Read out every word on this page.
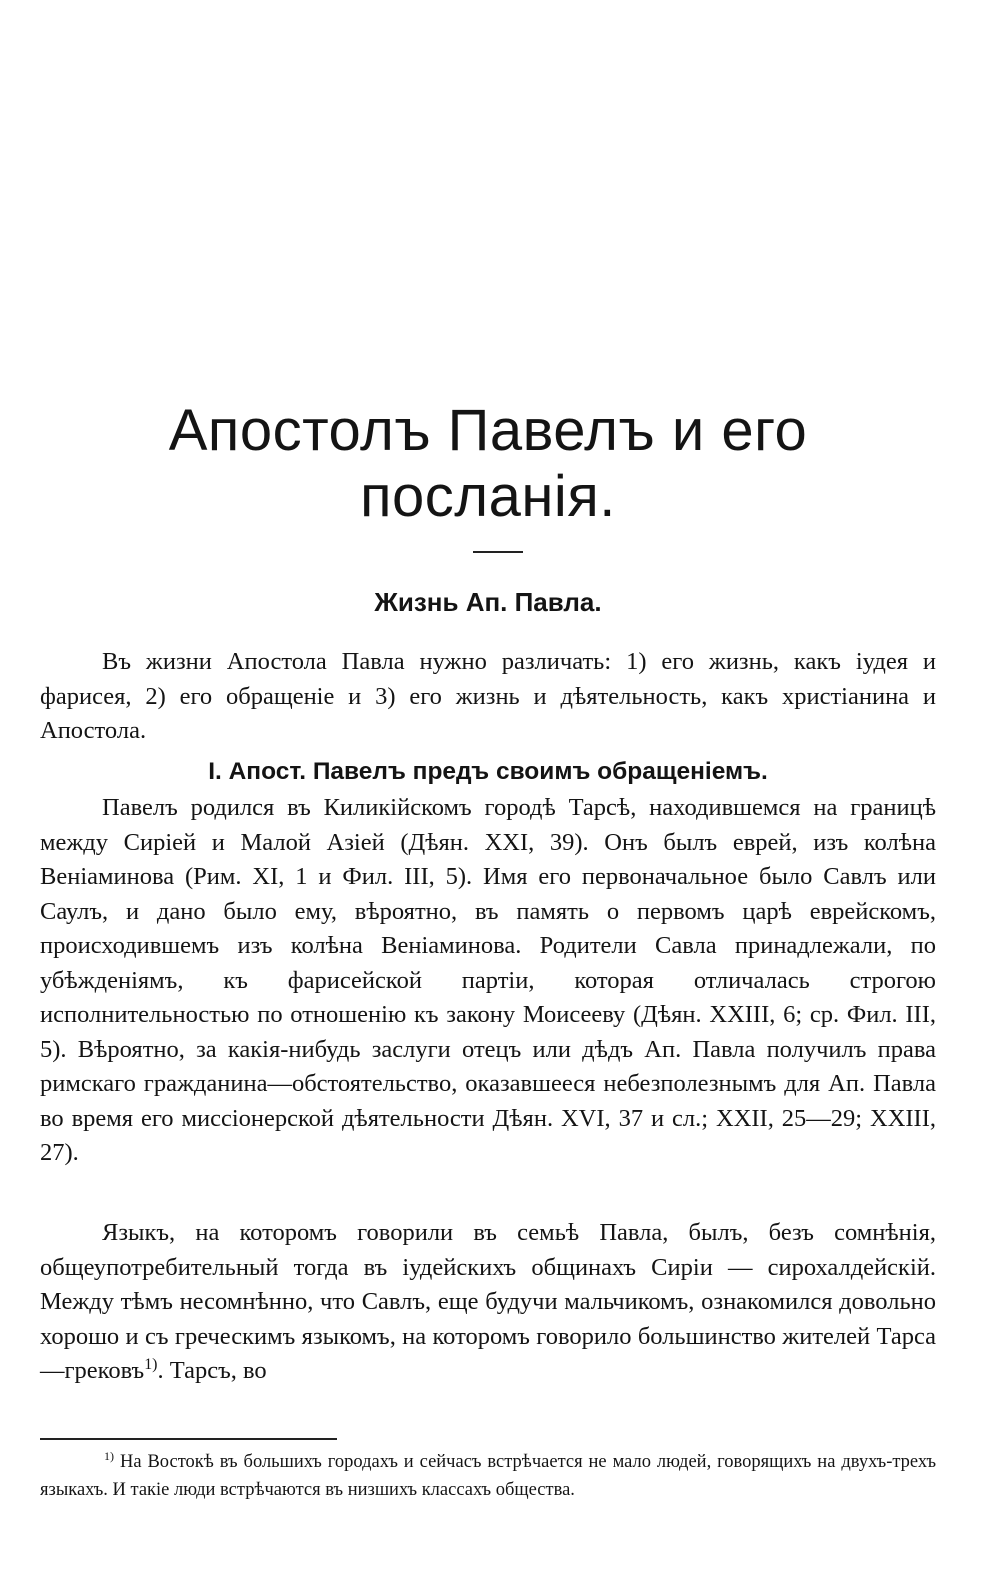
Апостолъ Павелъ и его посланія.
Жизнь Ап. Павла.

Въ жизни Апостола Павла нужно различать: 1) его жизнь, какъ іудея и фарисея, 2) его обращеніе и 3) его жизнь и дѣятельность, какъ христіанина и Апостола.

I. Апост. Павелъ предъ своимъ обращеніемъ.

Павелъ родился въ Киликійскомъ городѣ Тарсѣ, находившемся на границѣ между Сиріей и Малой Азіей (Дѣян. XXI, 39). Онъ былъ еврей, изъ колѣна Веніаминова (Рим. XI, 1 и Фил. III, 5). Имя его первоначальное было Савлъ или Саулъ, и дано было ему, вѣроятно, въ память о первомъ царѣ еврейскомъ, происходившемъ изъ колѣна Веніаминова. Родители Савла принадлежали, по убѣжденіямъ, къ фарисейской партіи, которая отличалась строгою исполнительностью по отношенію къ закону Моисееву (Дѣян. XXIII, 6; ср. Фил. III, 5). Вѣроятно, за какія-нибудь заслуги отецъ или дѣдъ Ап. Павла получилъ права римскаго гражданина—обстоятельство, оказавшееся небезполезнымъ для Ап. Павла во время его миссіонерской дѣятельности Дѣян. XVI, 37 и сл.; XXII, 25—29; XXIII, 27).

Языкъ, на которомъ говорили въ семьѣ Павла, былъ, безъ сомнѣнія, общеупотребительный тогда въ іудейскихъ общинахъ Сиріи — сирохалдейскій. Между тѣмъ несомнѣнно, что Савлъ, еще будучи мальчикомъ, ознакомился довольно хорошо и съ греческимъ языкомъ, на которомъ говорило большинство жителей Тарса—грековъ$^{1)}$. Тарсъ, во

$^{1)}$ На Востокѣ въ большихъ городахъ и сейчасъ встрѣчается не мало людей, говорящихъ на двухъ-трехъ языкахъ. И такіе люди встрѣчаются въ низшихъ классахъ общества.
